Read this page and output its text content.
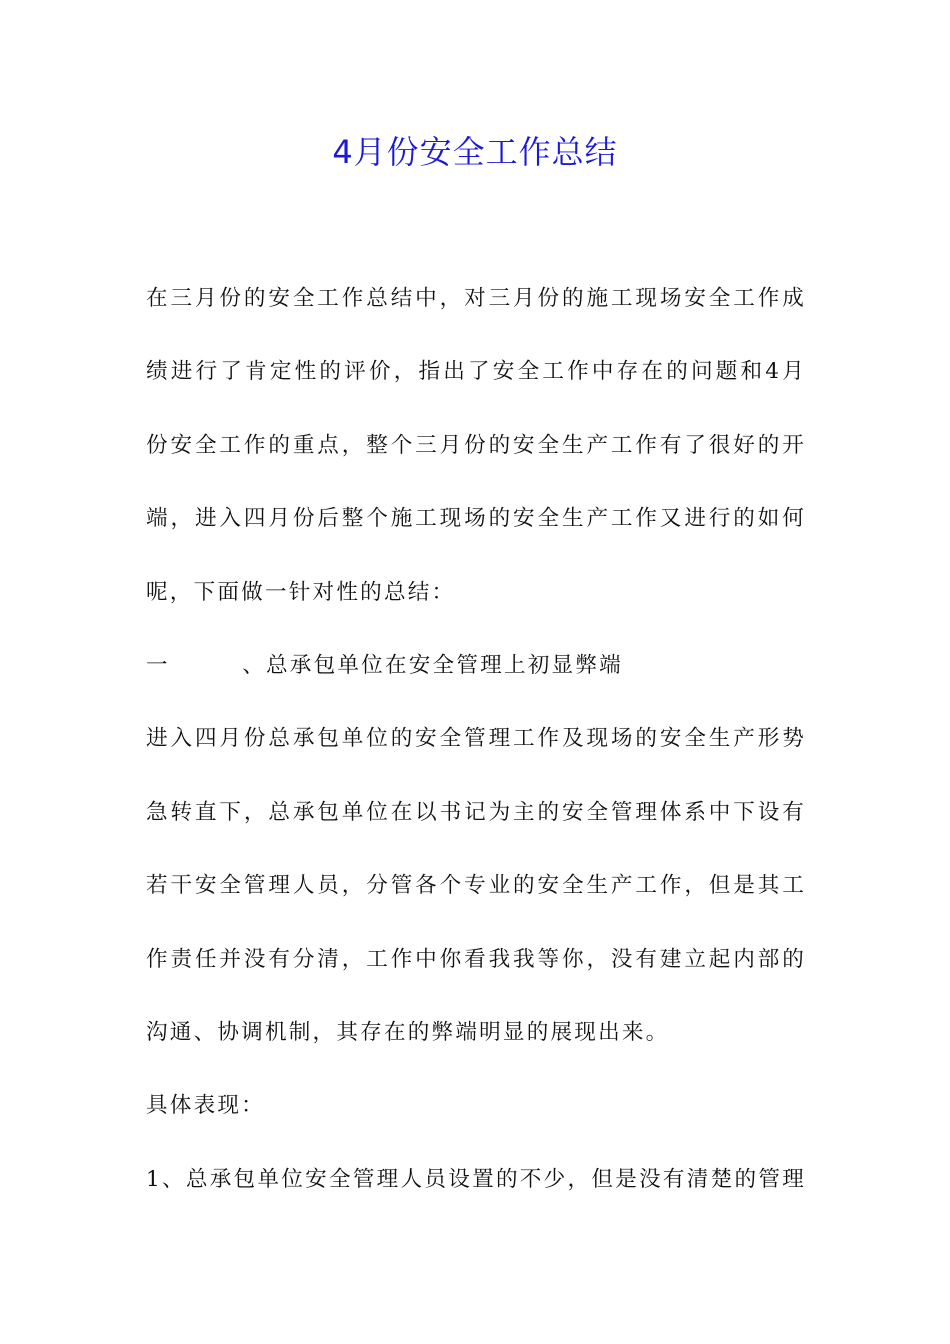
4月份安全工作总结
在三月份的安全工作总结中，对三月份的施工现场安全工作成
绩进行了肯定性的评价，指出了安全工作中存在的问题和4月
份安全工作的重点，整个三月份的安全生产工作有了很好的开
端，进入四月份后整个施工现场的安全生产工作又进行的如何
呢，下面做一针对性的总结：
一、总承包单位在安全管理上初显弊端
进入四月份总承包单位的安全管理工作及现场的安全生产形势
急转直下，总承包单位在以书记为主的安全管理体系中下设有
若干安全管理人员，分管各个专业的安全生产工作，但是其工
作责任并没有分清，工作中你看我我等你，没有建立起内部的
沟通、协调机制，其存在的弊端明显的展现出来。
具体表现：
1、总承包单位安全管理人员设置的不少，但是没有清楚的管理
